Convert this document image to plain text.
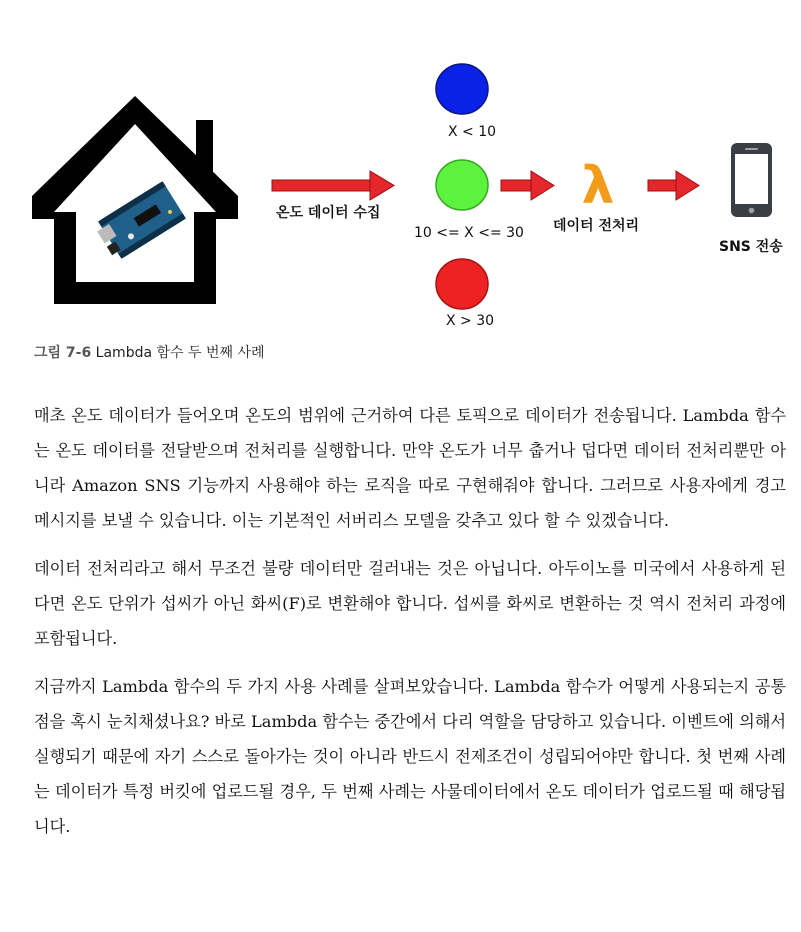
λ
X < 10
온도 데이터 수집
10 <= X <= 30 데이터 전처리
SNS 전송
X > 30
그림 7-6 Lambda 함수 두 번째 사례

매초 온도 데이터가 들어오며 온도의 범위에 근거하여 다른 토픽으로 데이터가 전송됩니다. Lambda 함수는 온도 데이터를 전달받으며 전처리를 실행합니다. 만약 온도가 너무 춥거나 덥다면 데이터 전처리뿐만 아니라 Amazon SNS 기능까지 사용해야 하는 로직을 따로 구현해줘야 합니다. 그러므로 사용자에게 경고 메시지를 보낼 수 있습니다. 이는 기본적인 서버리스 모델을 갖추고 있다 할 수 있겠습니다.

데이터 전처리라고 해서 무조건 불량 데이터만 걸러내는 것은 아닙니다. 아두이노를 미국에서 사용하게 된다면 온도 단위가 섭씨가 아닌 화씨(F)로 변환해야 합니다. 섭씨를 화씨로 변환하는 것 역시 전처리 과정에 포함됩니다.

지금까지 Lambda 함수의 두 가지 사용 사례를 살펴보았습니다. Lambda 함수가 어떻게 사용되는지 공통점을 혹시 눈치채셨나요? 바로 Lambda 함수는 중간에서 다리 역할을 담당하고 있습니다. 이벤트에 의해서 실행되기 때문에 자기 스스로 돌아가는 것이 아니라 반드시 전제조건이 성립되어야만 합니다. 첫 번째 사례는 데이터가 특정 버킷에 업로드될 경우, 두 번째 사례는 사물데이터에서 온도 데이터가 업로드될 때 해당됩니다.
